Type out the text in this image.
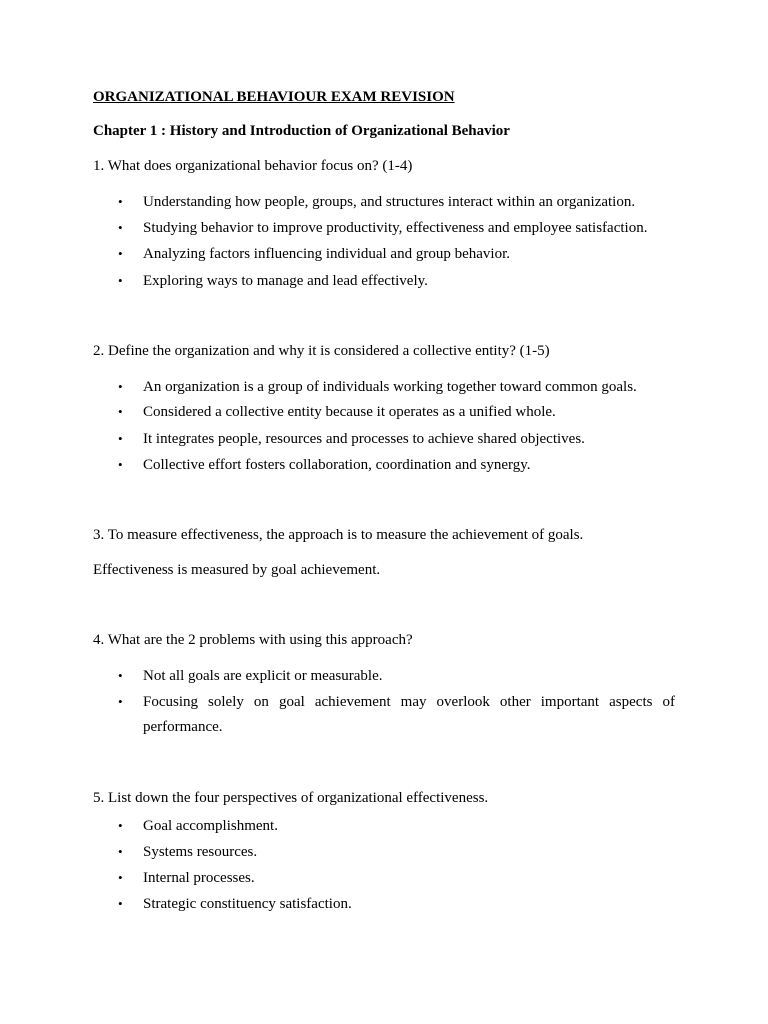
ORGANIZATIONAL BEHAVIOUR EXAM REVISION
Chapter 1 : History and Introduction of Organizational Behavior
1. What does organizational behavior focus on? (1-4)
• Understanding how people, groups, and structures interact within an organization.
• Studying behavior to improve productivity, effectiveness and employee satisfaction.
• Analyzing factors influencing individual and group behavior.
• Exploring ways to manage and lead effectively.
2. Define the organization and why it is considered a collective entity? (1-5)
• An organization is a group of individuals working together toward common goals.
• Considered a collective entity because it operates as a unified whole.
• It integrates people, resources and processes to achieve shared objectives.
• Collective effort fosters collaboration, coordination and synergy.
3. To measure effectiveness, the approach is to measure the achievement of goals.
Effectiveness is measured by goal achievement.
4. What are the 2 problems with using this approach?
• Not all goals are explicit or measurable.
• Focusing solely on goal achievement may overlook other important aspects of
performance.
5. List down the four perspectives of organizational effectiveness.
• Goal accomplishment.
• Systems resources.
• Internal processes.
• Strategic constituency satisfaction.
